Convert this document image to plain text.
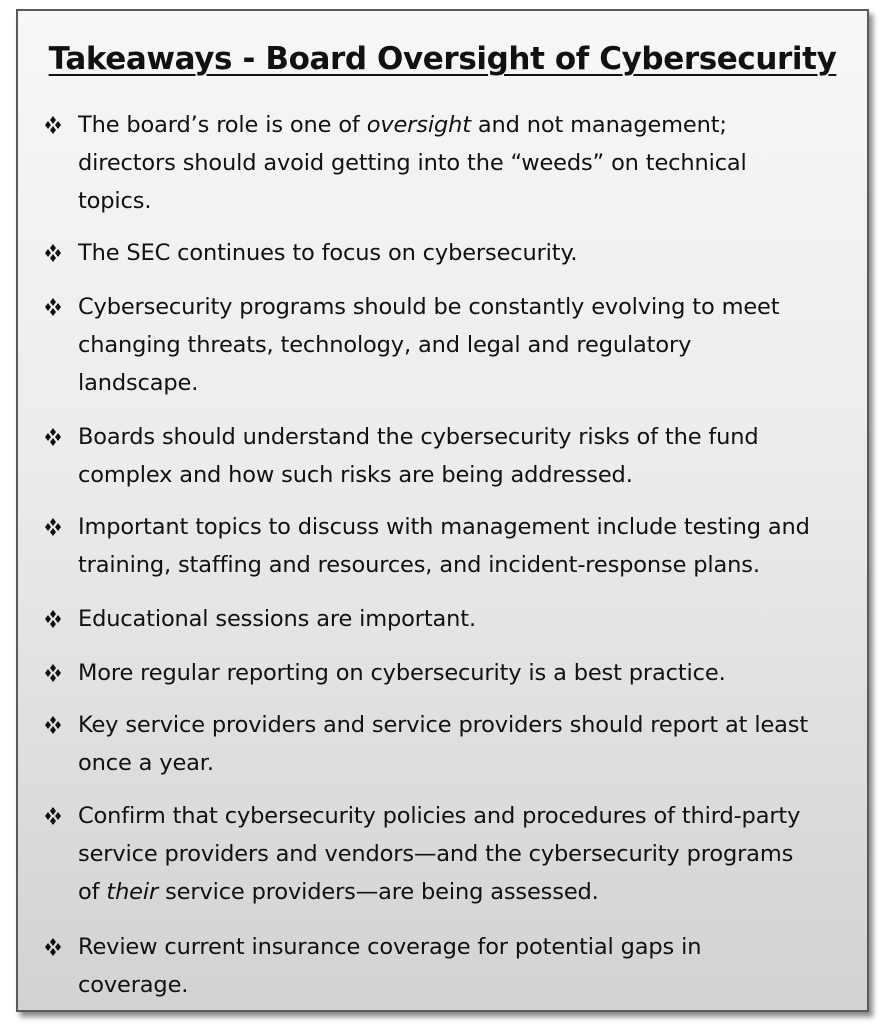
Takeaways - Board Oversight of Cybersecurity

The board’s role is one of oversight and not management;
directors should avoid getting into the “weeds” on technical
topics.

The SEC continues to focus on cybersecurity.

Cybersecurity programs should be constantly evolving to meet
changing threats, technology, and legal and regulatory
landscape.

Boards should understand the cybersecurity risks of the fund
complex and how such risks are being addressed.

Important topics to discuss with management include testing and
training, staffing and resources, and incident-response plans.

Educational sessions are important.

More regular reporting on cybersecurity is a best practice.

Key service providers and service providers should report at least
once a year.

Confirm that cybersecurity policies and procedures of third-party
service providers and vendors—and the cybersecurity programs
of their service providers—are being assessed.

Review current insurance coverage for potential gaps in
coverage.
